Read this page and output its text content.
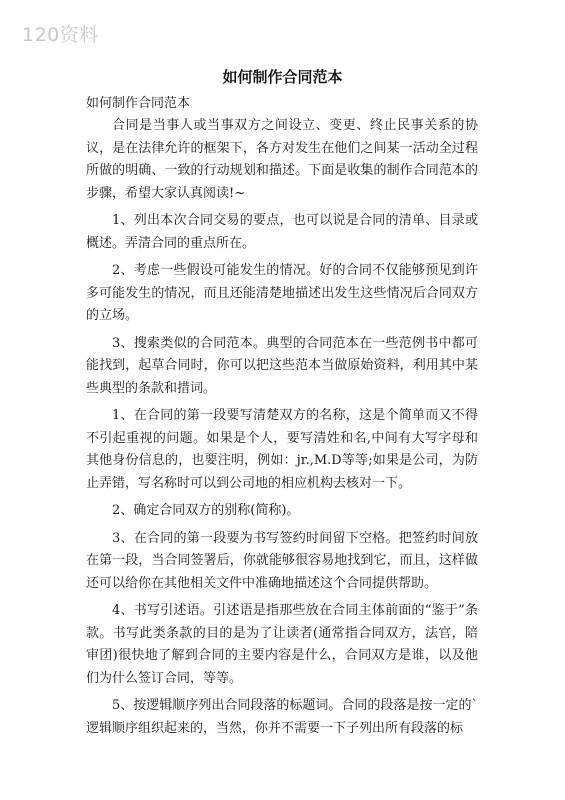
120资料
如何制作合同范本
如何制作合同范本

合同是当事人或当事双方之间设立、变更、终止民事关系的协议，是在法律允许的框架下，各方对发生在他们之间某一活动全过程所做的明确、一致的行动规划和描述。下面是收集的制作合同范本的步骤，希望大家认真阅读!~

1、列出本次合同交易的要点，也可以说是合同的清单、目录或概述。弄清合同的重点所在。

2、考虑一些假设可能发生的情况。好的合同不仅能够预见到许多可能发生的情况，而且还能清楚地描述出发生这些情况后合同双方的立场。

3、搜索类似的合同范本。典型的合同范本在一些范例书中都可能找到，起草合同时，你可以把这些范本当做原始资料，利用其中某些典型的条款和措词。

1、在合同的第一段要写清楚双方的名称，这是个简单而又不得不引起重视的问题。如果是个人，要写清姓和名,中间有大写字母和其他身份信息的，也要注明，例如：jr.,M.D等等;如果是公司，为防止弄错，写名称时可以到公司地的相应机构去核对一下。

2、确定合同双方的别称(简称)。

3、在合同的第一段要为书写签约时间留下空格。把签约时间放在第一段，当合同签署后，你就能够很容易地找到它，而且，这样做还可以给你在其他相关文件中准确地描述这个合同提供帮助。

4、书写引述语。引述语是指那些放在合同主体前面的“鉴于”条款。书写此类条款的目的是为了让读者(通常指合同双方，法官，陪审团)很快地了解到合同的主要内容是什么，合同双方是谁，以及他们为什么签订合同，等等。

5、按逻辑顺序列出合同段落的标题词。合同的段落是按一定的`逻辑顺序组织起来的，当然，你并不需要一下子列出所有段落的标
